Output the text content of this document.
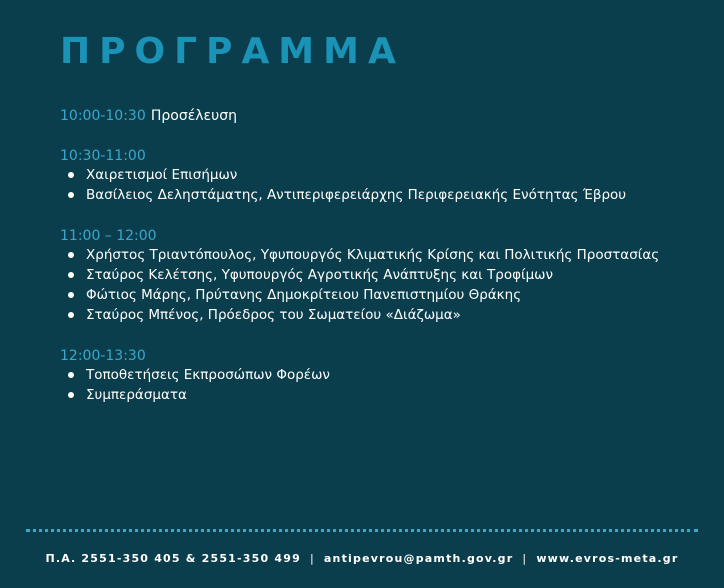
ΠΡΟΓΡΑΜΜΑ
10:00-10:30 Προσέλευση
10:30-11:00
Χαιρετισμοί Επισήμων
Βασίλειος Δεληστάματης, Αντιπεριφερειάρχης Περιφερειακής Ενότητας Έβρου
11:00 – 12:00
Χρήστος Τριαντόπουλος, Υφυπουργός Κλιματικής Κρίσης και Πολιτικής Προστασίας
Σταύρος Κελέτσης, Υφυπουργός Αγροτικής Ανάπτυξης και Τροφίμων
Φώτιος Μάρης, Πρύτανης Δημοκρίτειου Πανεπιστημίου Θράκης
Σταύρος Μπένος, Πρόεδρος του Σωματείου «Διάζωμα»
12:00-13:30
Τοποθετήσεις Εκπροσώπων Φορέων
Συμπεράσματα
Π.Α. 2551-350 405 & 2551-350 499 | antipevrou@pamth.gov.gr | www.evros-meta.gr
